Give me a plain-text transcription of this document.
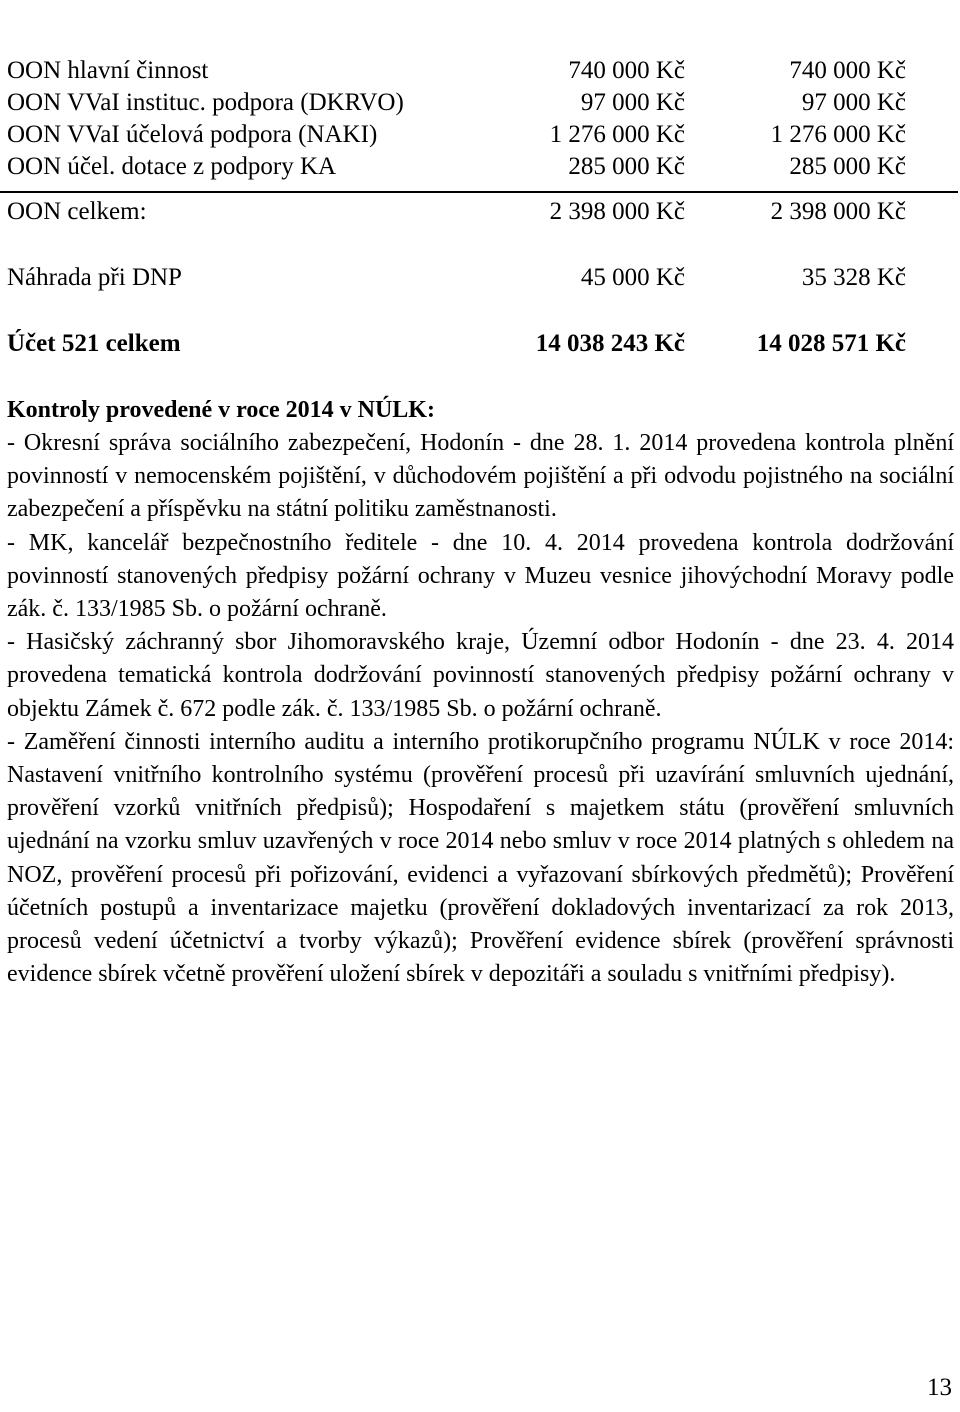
OON hlavní činnost	740 000 Kč	740 000 Kč
OON VVaI instituc. podpora (DKRVO)	97 000 Kč	97 000 Kč
OON VVaI účelová podpora (NAKI)	1 276 000 Kč	1 276 000 Kč
OON účel. dotace z podpory KA	285 000 Kč	285 000 Kč
OON celkem:	2 398 000 Kč	2 398 000 Kč
Náhrada při DNP	45 000 Kč	35 328 Kč
Účet 521 celkem	14 038 243 Kč	14 028 571 Kč
Kontroly provedené v roce 2014 v NÚLK:

- Okresní správa sociálního zabezpečení, Hodonín - dne 28. 1. 2014 provedena kontrola plnění povinností v nemocenském pojištění, v důchodovém pojištění a při odvodu pojistného na sociální zabezpečení a příspěvku na státní politiku zaměstnanosti.

- MK, kancelář bezpečnostního ředitele - dne 10. 4. 2014 provedena kontrola dodržování povinností stanovených předpisy požární ochrany v Muzeu vesnice jihovýchodní Moravy podle zák. č. 133/1985 Sb. o požární ochraně.

- Hasičský záchranný sbor Jihomoravského kraje, Územní odbor Hodonín - dne 23. 4. 2014 provedena tematická kontrola dodržování povinností stanovených předpisy požární ochrany v objektu Zámek č. 672 podle zák. č. 133/1985 Sb. o požární ochraně.

- Zaměření činnosti interního auditu a interního protikorupčního programu NÚLK v roce 2014: Nastavení vnitřního kontrolního systému (prověření procesů při uzavírání smluvních ujednání, prověření vzorků vnitřních předpisů); Hospodaření s majetkem státu (prověření smluvních ujednání na vzorku smluv uzavřených v roce 2014 nebo smluv v roce 2014 platných s ohledem na NOZ, prověření procesů při pořizování, evidenci a vyřazovaní sbírkových předmětů); Prověření účetních postupů a inventarizace majetku (prověření dokladových inventarizací za rok 2013, procesů vedení účetnictví a tvorby výkazů); Prověření evidence sbírek (prověření správnosti evidence sbírek včetně prověření uložení sbírek v depozitáři a souladu s vnitřními předpisy).

13
